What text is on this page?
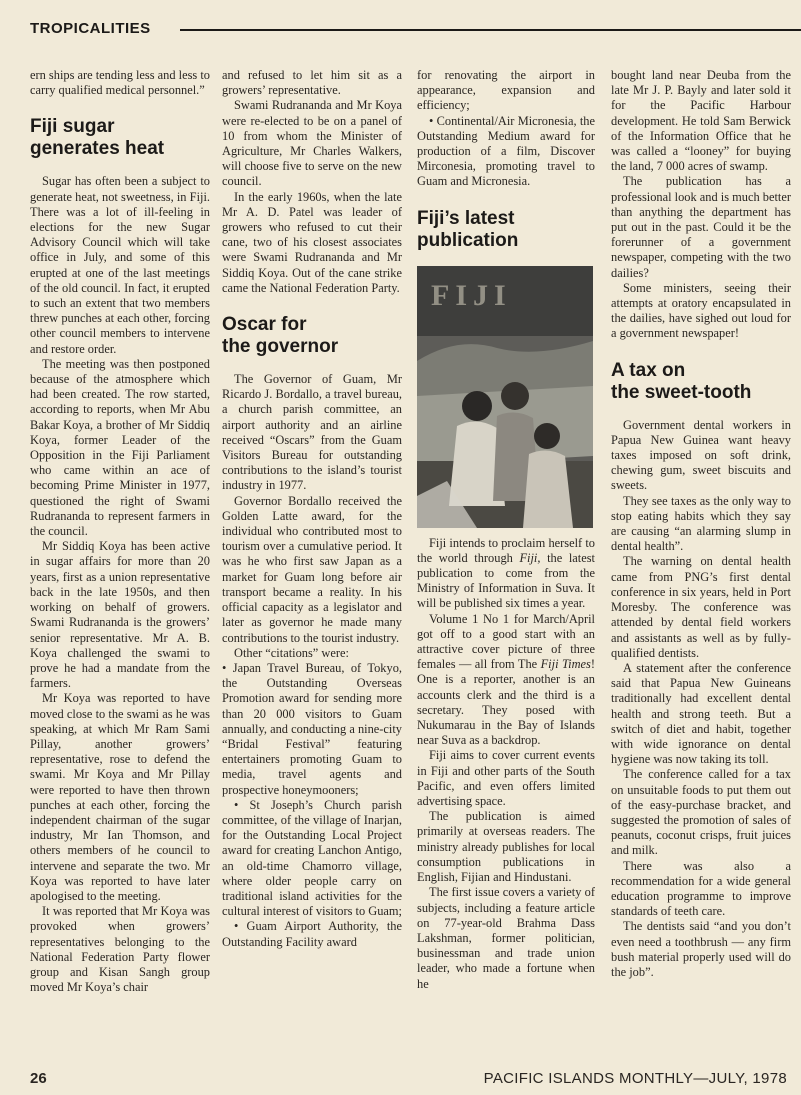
TROPICALITIES

ern ships are tending less and less to carry qualified medical personnel.”

Fiji sugar
generates heat

Sugar has often been a subject to generate heat, not sweetness, in Fiji. There was a lot of ill-feeling in elections for the new Sugar Advisory Council which will take office in July, and some of this erupted at one of the last meetings of the old council. In fact, it erupted to such an extent that two members threw punches at each other, forcing other council members to intervene and restore order.

The meeting was then postponed because of the atmosphere which had been created. The row started, according to reports, when Mr Abu Bakar Koya, a brother of Mr Siddiq Koya, former Leader of the Opposition in the Fiji Parliament who came within an ace of becoming Prime Minister in 1977, questioned the right of Swami Rudrananda to represent farmers in the council.

Mr Siddiq Koya has been active in sugar affairs for more than 20 years, first as a union representative back in the late 1950s, and then working on behalf of growers. Swami Rudrananda is the growers’ senior representative. Mr A. B. Koya challenged the swami to prove he had a mandate from the farmers.

Mr Koya was reported to have moved close to the swami as he was speaking, at which Mr Ram Sami Pillay, another growers’ representative, rose to defend the swami. Mr Koya and Mr Pillay were reported to have then thrown punches at each other, forcing the independent chairman of the sugar industry, Mr Ian Thomson, and others members of he council to intervene and separate the two. Mr Koya was reported to have later apologised to the meeting.

It was reported that Mr Koya was provoked when growers’ representatives belonging to the National Federation Party flower group and Kisan Sangh group moved Mr Koya’s chair

and refused to let him sit as a growers’ representative.

Swami Rudrananda and Mr Koya were re-elected to be on a panel of 10 from whom the Minister of Agriculture, Mr Charles Walkers, will choose five to serve on the new council.

In the early 1960s, when the late Mr A. D. Patel was leader of growers who refused to cut their cane, two of his closest associates were Swami Rudrananda and Mr Siddiq Koya. Out of the cane strike came the National Federation Party.

Oscar for
the governor

The Governor of Guam, Mr Ricardo J. Bordallo, a travel bureau, a church parish committee, an airport authority and an airline received “Oscars” from the Guam Visitors Bureau for outstanding contributions to the island’s tourist industry in 1977.

Governor Bordallo received the Golden Latte award, for the individual who contributed most to tourism over a cumulative period. It was he who first saw Japan as a market for Guam long before air transport became a reality. In his official capacity as a legislator and later as governor he made many contributions to the tourist industry.

Other “citations” were:

• Japan Travel Bureau, of Tokyo, the Outstanding Overseas Promotion award for sending more than 20 000 visitors to Guam annually, and conducting a nine-city “Bridal Festival” featuring entertainers promoting Guam to media, travel agents and prospective honeymooners;

• St Joseph’s Church parish committee, of the village of Inarjan, for the Outstanding Local Project award for creating Lanchon Antigo, an old-time Chamorro village, where older people carry on traditional island activities for the cultural interest of visitors to Guam;

• Guam Airport Authority, the Outstanding Facility award

for renovating the airport in appearance, expansion and efficiency;

• Continental/Air Micronesia, the Outstanding Medium award for production of a film, Discover Mirconesia, promoting travel to Guam and Micronesia.

Fiji’s latest
publication
FIJI

Fiji intends to proclaim herself to the world through Fiji, the latest publication to come from the Ministry of Information in Suva. It will be published six times a year.

Volume 1 No 1 for March/April got off to a good start with an attractive cover picture of three females — all from The Fiji Times! One is a reporter, another is an accounts clerk and the third is a secretary. They posed with Nukumarau in the Bay of Islands near Suva as a backdrop.

Fiji aims to cover current events in Fiji and other parts of the South Pacific, and even offers limited advertising space.

The publication is aimed primarily at overseas readers. The ministry already publishes for local consumption publications in English, Fijian and Hindustani.

The first issue covers a variety of subjects, including a feature article on 77-year-old Brahma Dass Lakshman, former politician, businessman and trade union leader, who made a fortune when he

bought land near Deuba from the late Mr J. P. Bayly and later sold it for the Pacific Harbour development. He told Sam Berwick of the Information Office that he was called a “looney” for buying the land, 7 000 acres of swamp.

The publication has a professional look and is much better than anything the department has put out in the past. Could it be the forerunner of a government newspaper, competing with the two dailies?

Some ministers, seeing their attempts at oratory encapsulated in the dailies, have sighed out loud for a government newspaper!

A tax on
the sweet-tooth

Government dental workers in Papua New Guinea want heavy taxes imposed on soft drink, chewing gum, sweet biscuits and sweets.

They see taxes as the only way to stop eating habits which they say are causing “an alarming slump in dental health”.

The warning on dental health came from PNG’s first dental conference in six years, held in Port Moresby. The conference was attended by dental field workers and assistants as well as by fully-qualified dentists.

A statement after the conference said that Papua New Guineans traditionally had excellent dental health and strong teeth. But a switch of diet and habit, together with wide ignorance on dental hygiene was now taking its toll.

The conference called for a tax on unsuitable foods to put them out of the easy-purchase bracket, and suggested the promotion of sales of peanuts, coconut crisps, fruit juices and milk.

There was also a recommendation for a wide general education programme to improve standards of teeth care.

The dentists said “and you don’t even need a toothbrush — any firm bush material properly used will do the job”.

26	PACIFIC ISLANDS MONTHLY—JULY, 1978
